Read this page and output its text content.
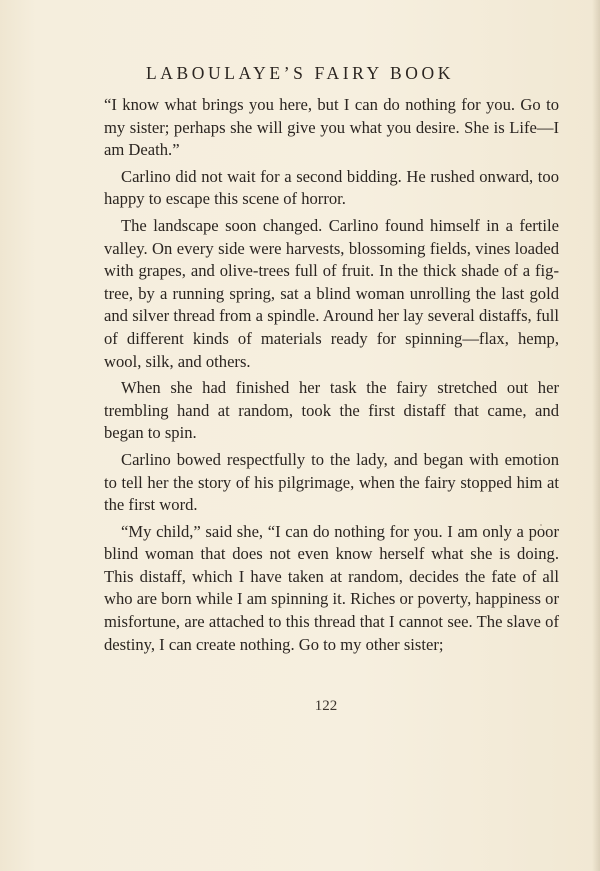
LABOULAYE’S FAIRY BOOK

“I know what brings you here, but I can do nothing for you. Go to my sister; perhaps she will give you what you desire. She is Life—I am Death.”

Carlino did not wait for a second bidding. He rushed onward, too happy to escape this scene of horror.

The landscape soon changed. Carlino found himself in a fertile valley. On every side were harvests, blossoming fields, vines loaded with grapes, and olive-trees full of fruit. In the thick shade of a fig-tree, by a running spring, sat a blind woman unrolling the last gold and silver thread from a spindle. Around her lay several distaffs, full of different kinds of materials ready for spinning—flax, hemp, wool, silk, and others.

When she had finished her task the fairy stretched out her trembling hand at random, took the first distaff that came, and began to spin.

Carlino bowed respectfully to the lady, and began with emotion to tell her the story of his pilgrimage, when the fairy stopped him at the first word.

“My child,” said she, “I can do nothing for you. I am only a poor blind woman that does not even know herself what she is doing. This distaff, which I have taken at random, decides the fate of all who are born while I am spinning it. Riches or poverty, happiness or misfortune, are attached to this thread that I cannot see. The slave of destiny, I can create nothing. Go to my other sister;

122
